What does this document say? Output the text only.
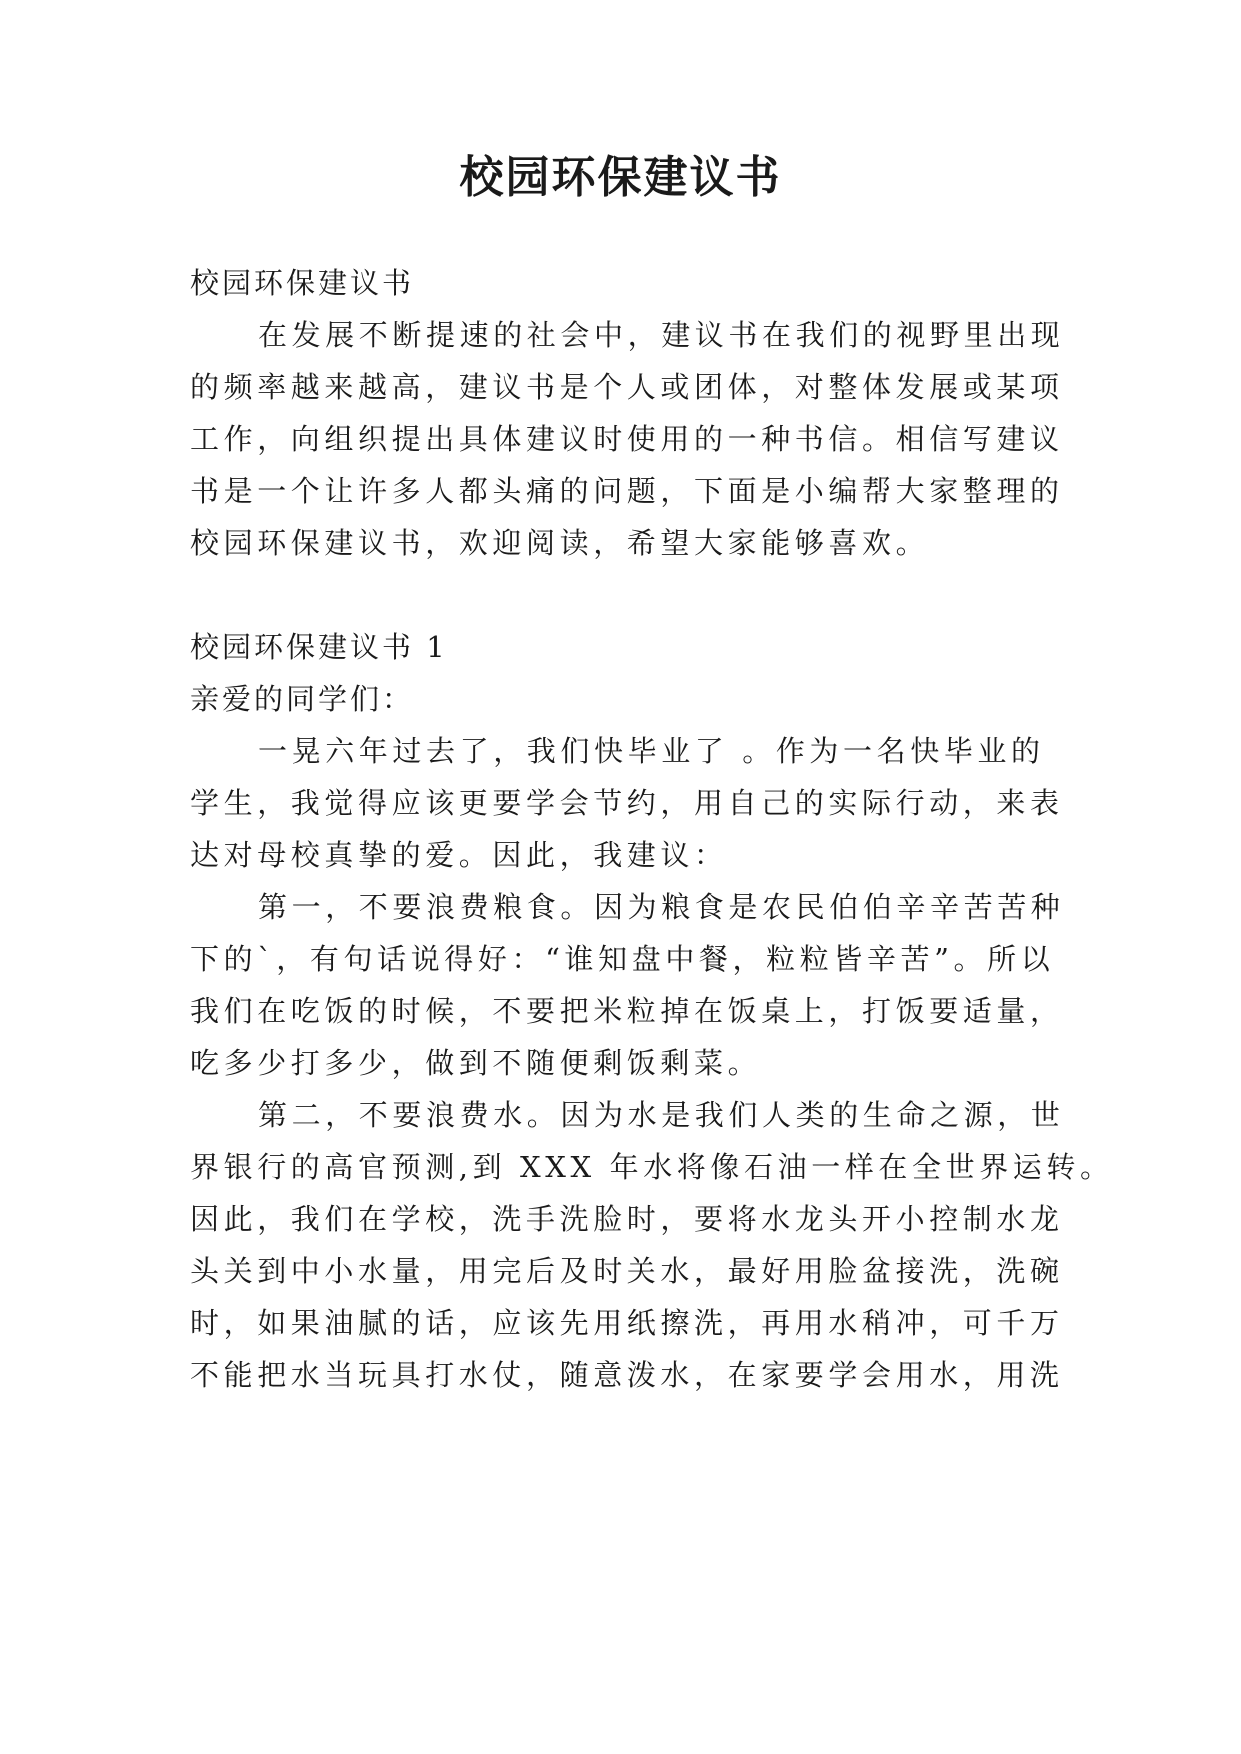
校园环保建议书
校园环保建议书
在发展不断提速的社会中，建议书在我们的视野里出现
的频率越来越高，建议书是个人或团体，对整体发展或某项
工作，向组织提出具体建议时使用的一种书信。相信写建议
书是一个让许多人都头痛的问题，下面是小编帮大家整理的
校园环保建议书，欢迎阅读，希望大家能够喜欢。
校园环保建议书 1
亲爱的同学们：
一晃六年过去了，我们快毕业了 。作为一名快毕业的
学生，我觉得应该更要学会节约，用自己的实际行动，来表
达对母校真挚的爱。因此，我建议：
第一，不要浪费粮食。因为粮食是农民伯伯辛辛苦苦种
下的`，有句话说得好：“谁知盘中餐，粒粒皆辛苦”。所以
我们在吃饭的时候，不要把米粒掉在饭桌上，打饭要适量，
吃多少打多少，做到不随便剩饭剩菜。
第二，不要浪费水。因为水是我们人类的生命之源，世
界银行的高官预测,到 XXX 年水将像石油一样在全世界运转。
因此，我们在学校，洗手洗脸时，要将水龙头开小控制水龙
头关到中小水量，用完后及时关水，最好用脸盆接洗，洗碗
时，如果油腻的话，应该先用纸擦洗，再用水稍冲，可千万
不能把水当玩具打水仗，随意泼水，在家要学会用水，用洗
